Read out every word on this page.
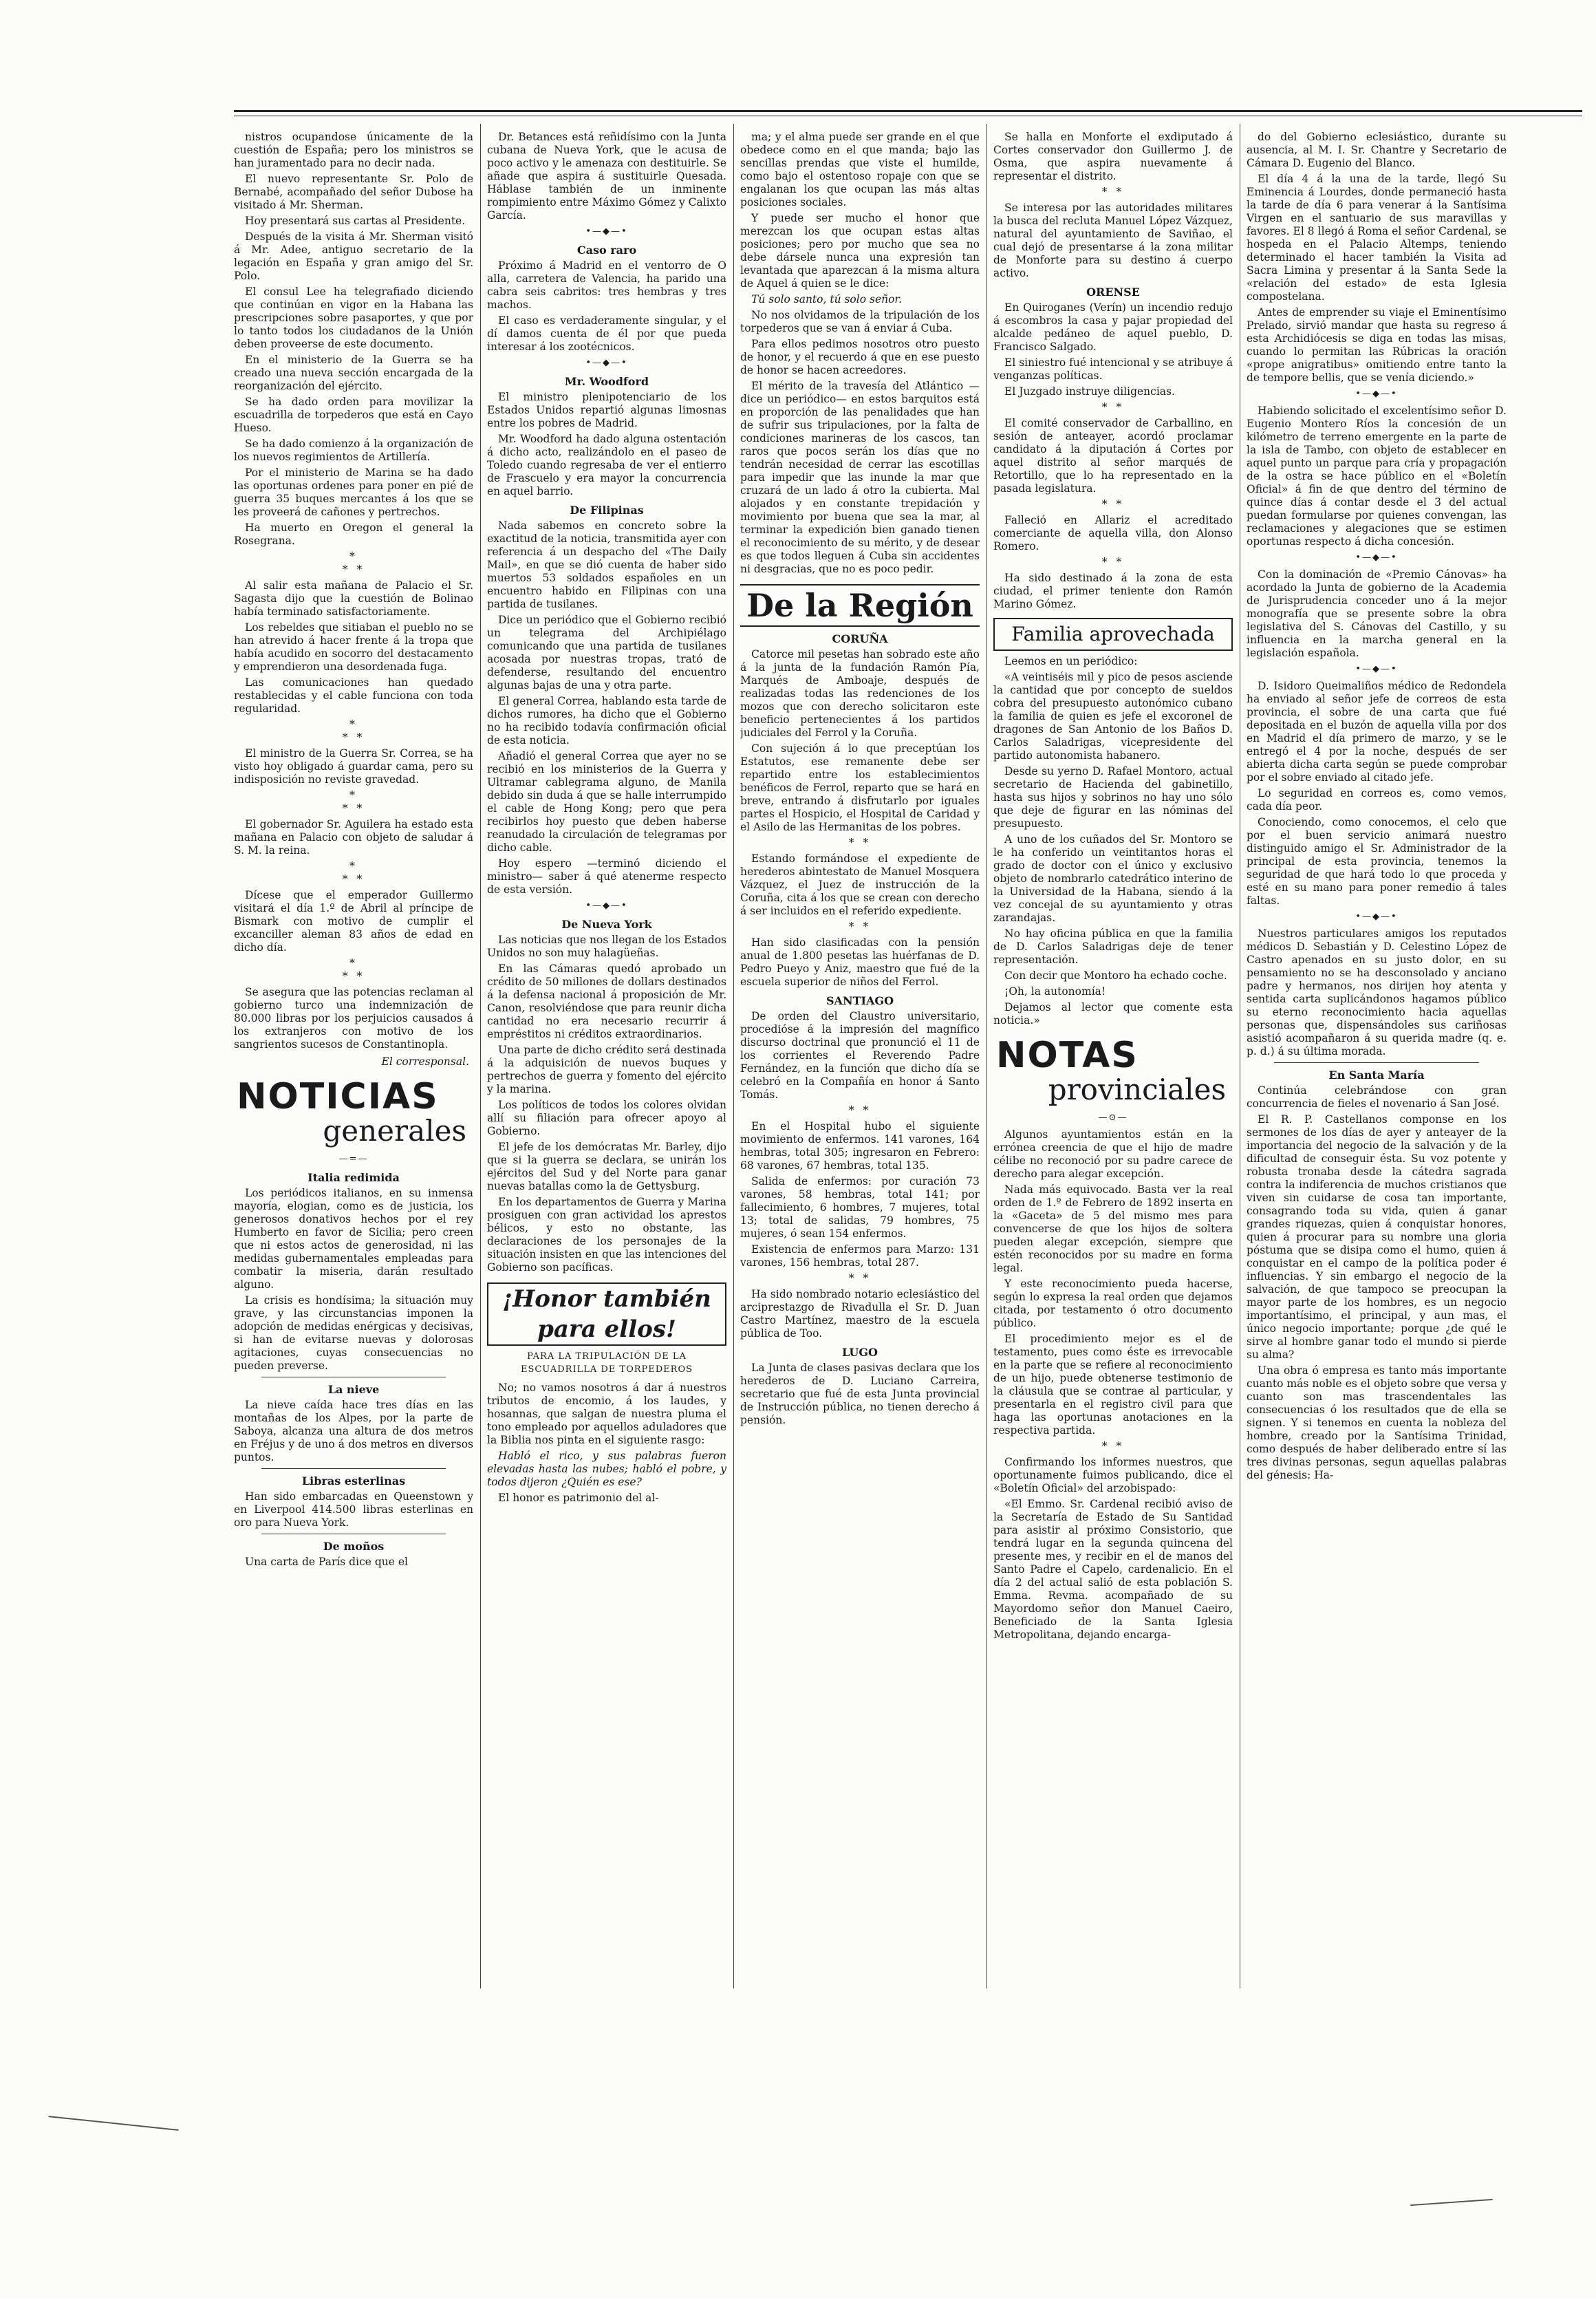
nistros ocupandose únicamente de la cuestión de España; pero los ministros se han juramentado para no decir nada.

El nuevo representante Sr. Polo de Bernabé, acompañado del señor Dubose ha visitado á Mr. Sherman.

Hoy presentará sus cartas al Presidente.

Después de la visita á Mr. Sherman visitó á Mr. Adee, antiguo secretario de la legación en España y gran amigo del Sr. Polo.

El consul Lee ha telegrafiado diciendo que continúan en vigor en la Habana las prescripciones sobre pasaportes, y que por lo tanto todos los ciudadanos de la Unión deben proveerse de este documento.

En el ministerio de la Guerra se ha creado una nueva sección encargada de la reorganización del ejército.

Se ha dado orden para movilizar la escuadrilla de torpederos que está en Cayo Hueso.

Se ha dado comienzo á la organización de los nuevos regimientos de Artillería.

Por el ministerio de Marina se ha dado las oportunas ordenes para poner en pié de guerra 35 buques mercantes á los que se les proveerá de cañones y pertrechos.

Ha muerto en Oregon el general la Rosegrana.

*
* *

Al salir esta mañana de Palacio el Sr. Sagasta dijo que la cuestión de Bolinao había terminado satisfactoriamente.

Los rebeldes que sitiaban el pueblo no se han atrevido á hacer frente á la tropa que había acudido en socorro del destacamento y emprendieron una desordenada fuga.

Las comunicaciones han quedado restablecidas y el cable funciona con toda regularidad.

*
* *

El ministro de la Guerra Sr. Correa, se ha visto hoy obligado á guardar cama, pero su indisposición no reviste gravedad.

*
* *

El gobernador Sr. Aguilera ha estado esta mañana en Palacio con objeto de saludar á S. M. la reina.

*
* *

Dícese que el emperador Guillermo visitará el día 1.º de Abril al príncipe de Bismark con motivo de cumplir el excanciller aleman 83 años de edad en dicho día.

*
* *

Se asegura que las potencias reclaman al gobierno turco una indemnización de 80.000 libras por los perjuicios causados á los extranjeros con motivo de los sangrientos sucesos de Constantinopla.

El corresponsal.
NOTICIAS
generales
—=—
Italia redimida

Los periódicos italianos, en su inmensa mayoría, elogian, como es de justicia, los generosos donativos hechos por el rey Humberto en favor de Sicilia; pero creen que ni estos actos de generosidad, ni las medidas gubernamentales empleadas para combatir la miseria, darán resultado alguno.

La crisis es hondísima; la situación muy grave, y las circunstancias imponen la adopción de medidas enérgicas y decisivas, si han de evitarse nuevas y dolorosas agitaciones, cuyas consecuencias no pueden preverse.

La nieve

La nieve caída hace tres días en las montañas de los Alpes, por la parte de Saboya, alcanza una altura de dos metros en Fréjus y de uno á dos metros en diversos puntos.

Libras esterlinas

Han sido embarcadas en Queenstown y en Liverpool 414.500 libras esterlinas en oro para Nueva York.

De moños

Una carta de París dice que el

Dr. Betances está reñidísimo con la Junta cubana de Nueva York, que le acusa de poco activo y le amenaza con destituirle. Se añade que aspira á sustituirle Quesada. Háblase también de un inminente rompimiento entre Máximo Gómez y Calixto García.

•—◆—•
Caso raro

Próximo á Madrid en el ventorro de O alla, carretera de Valencia, ha parido una cabra seis cabritos: tres hembras y tres machos.

El caso es verdaderamente singular, y el dí damos cuenta de él por que pueda interesar á los zootécnicos.

•—◆—•
Mr. Woodford

El ministro plenipotenciario de los Estados Unidos repartió algunas limosnas entre los pobres de Madrid.

Mr. Woodford ha dado alguna ostentación á dicho acto, realizándolo en el paseo de Toledo cuando regresaba de ver el entierro de Frascuelo y era mayor la concurrencia en aquel barrio.

De Filipinas

Nada sabemos en concreto sobre la exactitud de la noticia, transmitida ayer con referencia á un despacho del «The Daily Mail», en que se dió cuenta de haber sido muertos 53 soldados españoles en un encuentro habido en Filipinas con una partida de tusilanes.

Dice un periódico que el Gobierno recibió un telegrama del Archipiélago comunicando que una partida de tusilanes acosada por nuestras tropas, trató de defenderse, resultando del encuentro algunas bajas de una y otra parte.

El general Correa, hablando esta tarde de dichos rumores, ha dicho que el Gobierno no ha recibido todavía confirmación oficial de esta noticia.

Añadió el general Correa que ayer no se recibió en los ministerios de la Guerra y Ultramar cablegrama alguno, de Manila debido sin duda á que se halle interrumpido el cable de Hong Kong; pero que pera recibirlos hoy puesto que deben haberse reanudado la circulación de telegramas por dicho cable.

Hoy espero —terminó diciendo el ministro— saber á qué atenerme respecto de esta versión.

•—◆—•
De Nueva York

Las noticias que nos llegan de los Estados Unidos no son muy halagüeñas.

En las Cámaras quedó aprobado un crédito de 50 millones de dollars destinados á la defensa nacional á proposición de Mr. Canon, resolviéndose que para reunir dicha cantidad no era necesario recurrir á empréstitos ni créditos extraordinarios.

Una parte de dicho crédito será destinada á la adquisición de nuevos buques y pertrechos de guerra y fomento del ejército y la marina.

Los políticos de todos los colores olvidan allí su filiación para ofrecer apoyo al Gobierno.

El jefe de los demócratas Mr. Barley, dijo que si la guerra se declara, se unirán los ejércitos del Sud y del Norte para ganar nuevas batallas como la de Gettysburg.

En los departamentos de Guerra y Marina prosiguen con gran actividad los aprestos bélicos, y esto no obstante, las declaraciones de los personajes de la situación insisten en que las intenciones del Gobierno son pacíficas.

¡Honor también para ellos!
PARA LA TRIPULACIÓN DE LA ESCUADRILLA DE TORPEDEROS

No; no vamos nosotros á dar á nuestros tributos de encomio, á los laudes, y hosannas, que salgan de nuestra pluma el tono empleado por aquellos aduladores que la Biblia nos pinta en el siguiente rasgo:

Habló el rico, y sus palabras fueron elevadas hasta las nubes; habló el pobre, y todos dijeron ¿Quién es ese?

El honor es patrimonio del al-

ma; y el alma puede ser grande en el que obedece como en el que manda; bajo las sencillas prendas que viste el humilde, como bajo el ostentoso ropaje con que se engalanan los que ocupan las más altas posiciones sociales.

Y puede ser mucho el honor que merezcan los que ocupan estas altas posiciones; pero por mucho que sea no debe dársele nunca una expresión tan levantada que aparezcan á la misma altura de Aquel á quien se le dice:

Tú solo santo, tú solo señor.

No nos olvidamos de la tripulación de los torpederos que se van á enviar á Cuba.

Para ellos pedimos nosotros otro puesto de honor, y el recuerdo á que en ese puesto de honor se hacen acreedores.

El mérito de la travesía del Atlántico —dice un periódico— en estos barquitos está en proporción de las penalidades que han de sufrir sus tripulaciones, por la falta de condiciones marineras de los cascos, tan raros que pocos serán los días que no tendrán necesidad de cerrar las escotillas para impedir que las inunde la mar que cruzará de un lado á otro la cubierta. Mal alojados y en constante trepidación y movimiento por buena que sea la mar, al terminar la expedición bien ganado tienen el reconocimiento de su mérito, y de desear es que todos lleguen á Cuba sin accidentes ni desgracias, que no es poco pedir.

De la Región
CORUÑA

Catorce mil pesetas han sobrado este año á la junta de la fundación Ramón Pía, Marqués de Amboaje, después de realizadas todas las redenciones de los mozos que con derecho solicitaron este beneficio pertenecientes á los partidos judiciales del Ferrol y la Coruña.

Con sujeción á lo que preceptúan los Estatutos, ese remanente debe ser repartido entre los establecimientos benéficos de Ferrol, reparto que se hará en breve, entrando á disfrutarlo por iguales partes el Hospicio, el Hospital de Caridad y el Asilo de las Hermanitas de los pobres.

* *

Estando formándose el expediente de herederos abintestato de Manuel Mosquera Vázquez, el Juez de instrucción de la Coruña, cita á los que se crean con derecho á ser incluidos en el referido expediente.

* *

Han sido clasificadas con la pensión anual de 1.800 pesetas las huérfanas de D. Pedro Pueyo y Aniz, maestro que fué de la escuela superior de niños del Ferrol.

SANTIAGO

De orden del Claustro universitario, procedióse á la impresión del magnífico discurso doctrinal que pronunció el 11 de los corrientes el Reverendo Padre Fernández, en la función que dicho día se celebró en la Compañía en honor á Santo Tomás.

* *

En el Hospital hubo el siguiente movimiento de enfermos. 141 varones, 164 hembras, total 305; ingresaron en Febrero: 68 varones, 67 hembras, total 135.

Salida de enfermos: por curación 73 varones, 58 hembras, total 141; por fallecimiento, 6 hombres, 7 mujeres, total 13; total de salidas, 79 hombres, 75 mujeres, ó sean 154 enfermos.

Existencia de enfermos para Marzo: 131 varones, 156 hembras, total 287.

* *

Ha sido nombrado notario eclesiástico del arciprestazgo de Rivadulla el Sr. D. Juan Castro Martínez, maestro de la escuela pública de Too.

LUGO

La Junta de clases pasivas declara que los herederos de D. Luciano Carreira, secretario que fué de esta Junta provincial de Instrucción pública, no tienen derecho á pensión.

Se halla en Monforte el exdiputado á Cortes conservador don Guillermo J. de Osma, que aspira nuevamente á representar el distrito.

* *

Se interesa por las autoridades militares la busca del recluta Manuel López Vázquez, natural del ayuntamiento de Saviñao, el cual dejó de presentarse á la zona militar de Monforte para su destino á cuerpo activo.

ORENSE

En Quiroganes (Verín) un incendio redujo á escombros la casa y pajar propiedad del alcalde pedáneo de aquel pueblo, D. Francisco Salgado.

El siniestro fué intencional y se atribuye á venganzas políticas.

El Juzgado instruye diligencias.

* *

El comité conservador de Carballino, en sesión de anteayer, acordó proclamar candidato á la diputación á Cortes por aquel distrito al señor marqués de Retortillo, que lo ha representado en la pasada legislatura.

* *

Falleció en Allariz el acreditado comerciante de aquella villa, don Alonso Romero.

* *

Ha sido destinado á la zona de esta ciudad, el primer teniente don Ramón Marino Gómez.

Familia aprovechada

Leemos en un periódico:

«A veintiséis mil y pico de pesos asciende la cantidad que por concepto de sueldos cobra del presupuesto autonómico cubano la familia de quien es jefe el excoronel de dragones de San Antonio de los Baños D. Carlos Saladrigas, vicepresidente del partido autonomista habanero.

Desde su yerno D. Rafael Montoro, actual secretario de Hacienda del gabinetillo, hasta sus hijos y sobrinos no hay uno sólo que deje de figurar en las nóminas del presupuesto.

A uno de los cuñados del Sr. Montoro se le ha conferido un veintitantos horas el grado de doctor con el único y exclusivo objeto de nombrarlo catedrático interino de la Universidad de la Habana, siendo á la vez concejal de su ayuntamiento y otras zarandajas.

No hay oficina pública en que la familia de D. Carlos Saladrigas deje de tener representación.

Con decir que Montoro ha echado coche.

¡Oh, la autonomía!

Dejamos al lector que comente esta noticia.»

NOTAS
provinciales
—⊙—

Algunos ayuntamientos están en la errónea creencia de que el hijo de madre célibe no reconoció por su padre carece de derecho para alegar excepción.

Nada más equivocado. Basta ver la real orden de 1.º de Febrero de 1892 inserta en la «Gaceta» de 5 del mismo mes para convencerse de que los hijos de soltera pueden alegar excepción, siempre que estén reconocidos por su madre en forma legal.

Y este reconocimiento pueda hacerse, según lo expresa la real orden que dejamos citada, por testamento ó otro documento público.

El procedimiento mejor es el de testamento, pues como éste es irrevocable en la parte que se refiere al reconocimiento de un hijo, puede obtenerse testimonio de la cláusula que se contrae al particular, y presentarla en el registro civil para que haga las oportunas anotaciones en la respectiva partida.

* *

Confirmando los informes nuestros, que oportunamente fuimos publicando, dice el «Boletín Oficial» del arzobispado:

«El Emmo. Sr. Cardenal recibió aviso de la Secretaría de Estado de Su Santidad para asistir al próximo Consistorio, que tendrá lugar en la segunda quincena del presente mes, y recibir en el de manos del Santo Padre el Capelo, cardenalicio. En el día 2 del actual salió de esta población S. Emma. Revma. acompañado de su Mayordomo señor don Manuel Caeiro, Beneficiado de la Santa Iglesia Metropolitana, dejando encarga-

do del Gobierno eclesiástico, durante su ausencia, al M. I. Sr. Chantre y Secretario de Cámara D. Eugenio del Blanco.

El día 4 á la una de la tarde, llegó Su Eminencia á Lourdes, donde permaneció hasta la tarde de día 6 para venerar á la Santísima Virgen en el santuario de sus maravillas y favores. El 8 llegó á Roma el señor Cardenal, se hospeda en el Palacio Altemps, teniendo determinado el hacer también la Visita ad Sacra Limina y presentar á la Santa Sede la «relación del estado» de esta Iglesia compostelana.

Antes de emprender su viaje el Eminentísimo Prelado, sirvió mandar que hasta su regreso á esta Archidiócesis se diga en todas las misas, cuando lo permitan las Rúbricas la oración «prope anigratibus» omitiendo entre tanto la de tempore bellis, que se venía diciendo.»

•—◆—•

Habiendo solicitado el excelentísimo señor D. Eugenio Montero Ríos la concesión de un kilómetro de terreno emergente en la parte de la isla de Tambo, con objeto de establecer en aquel punto un parque para cría y propagación de la ostra se hace público en el «Boletín Oficial» á fin de que dentro del término de quince días á contar desde el 3 del actual puedan formularse por quienes convengan, las reclamaciones y alegaciones que se estimen oportunas respecto á dicha concesión.

•—◆—•

Con la dominación de «Premio Cánovas» ha acordado la Junta de gobierno de la Academia de Jurisprudencia conceder uno á la mejor monografía que se presente sobre la obra legislativa del S. Cánovas del Castillo, y su influencia en la marcha general en la legislación española.

•—◆—•

D. Isidoro Queimaliños médico de Redondela ha enviado al señor jefe de correos de esta provincia, el sobre de una carta que fué depositada en el buzón de aquella villa por dos en Madrid el día primero de marzo, y se le entregó el 4 por la noche, después de ser abierta dicha carta según se puede comprobar por el sobre enviado al citado jefe.

Lo seguridad en correos es, como vemos, cada día peor.

Conociendo, como conocemos, el celo que por el buen servicio animará nuestro distinguido amigo el Sr. Administrador de la principal de esta provincia, tenemos la seguridad de que hará todo lo que proceda y esté en su mano para poner remedio á tales faltas.

•—◆—•

Nuestros particulares amigos los reputados médicos D. Sebastián y D. Celestino López de Castro apenados en su justo dolor, en su pensamiento no se ha desconsolado y anciano padre y hermanos, nos dirijen hoy atenta y sentida carta suplicándonos hagamos público su eterno reconocimiento hacia aquellas personas que, dispensándoles sus cariñosas asistió acompañaron á su querida madre (q. e. p. d.) á su última morada.

En Santa María

Continúa celebrándose con gran concurrencia de fieles el novenario á San José.

El R. P. Castellanos componse en los sermones de los días de ayer y anteayer de la importancia del negocio de la salvación y de la dificultad de conseguir ésta. Su voz potente y robusta tronaba desde la cátedra sagrada contra la indiferencia de muchos cristianos que viven sin cuidarse de cosa tan importante, consagrando toda su vida, quien á ganar grandes riquezas, quien á conquistar honores, quien á procurar para su nombre una gloria póstuma que se disipa como el humo, quien á conquistar en el campo de la política poder é influencias. Y sin embargo el negocio de la salvación, de que tampoco se preocupan la mayor parte de los hombres, es un negocio importantísimo, el principal, y aun mas, el único negocio importante; porque ¿de qué le sirve al hombre ganar todo el mundo si pierde su alma?

Una obra ó empresa es tanto más importante cuanto más noble es el objeto sobre que versa y cuanto son mas trascendentales las consecuencias ó los resultados que de ella se signen. Y si tenemos en cuenta la nobleza del hombre, creado por la Santísima Trinidad, como después de haber deliberado entre sí las tres divinas personas, segun aquellas palabras del génesis: Ha-
